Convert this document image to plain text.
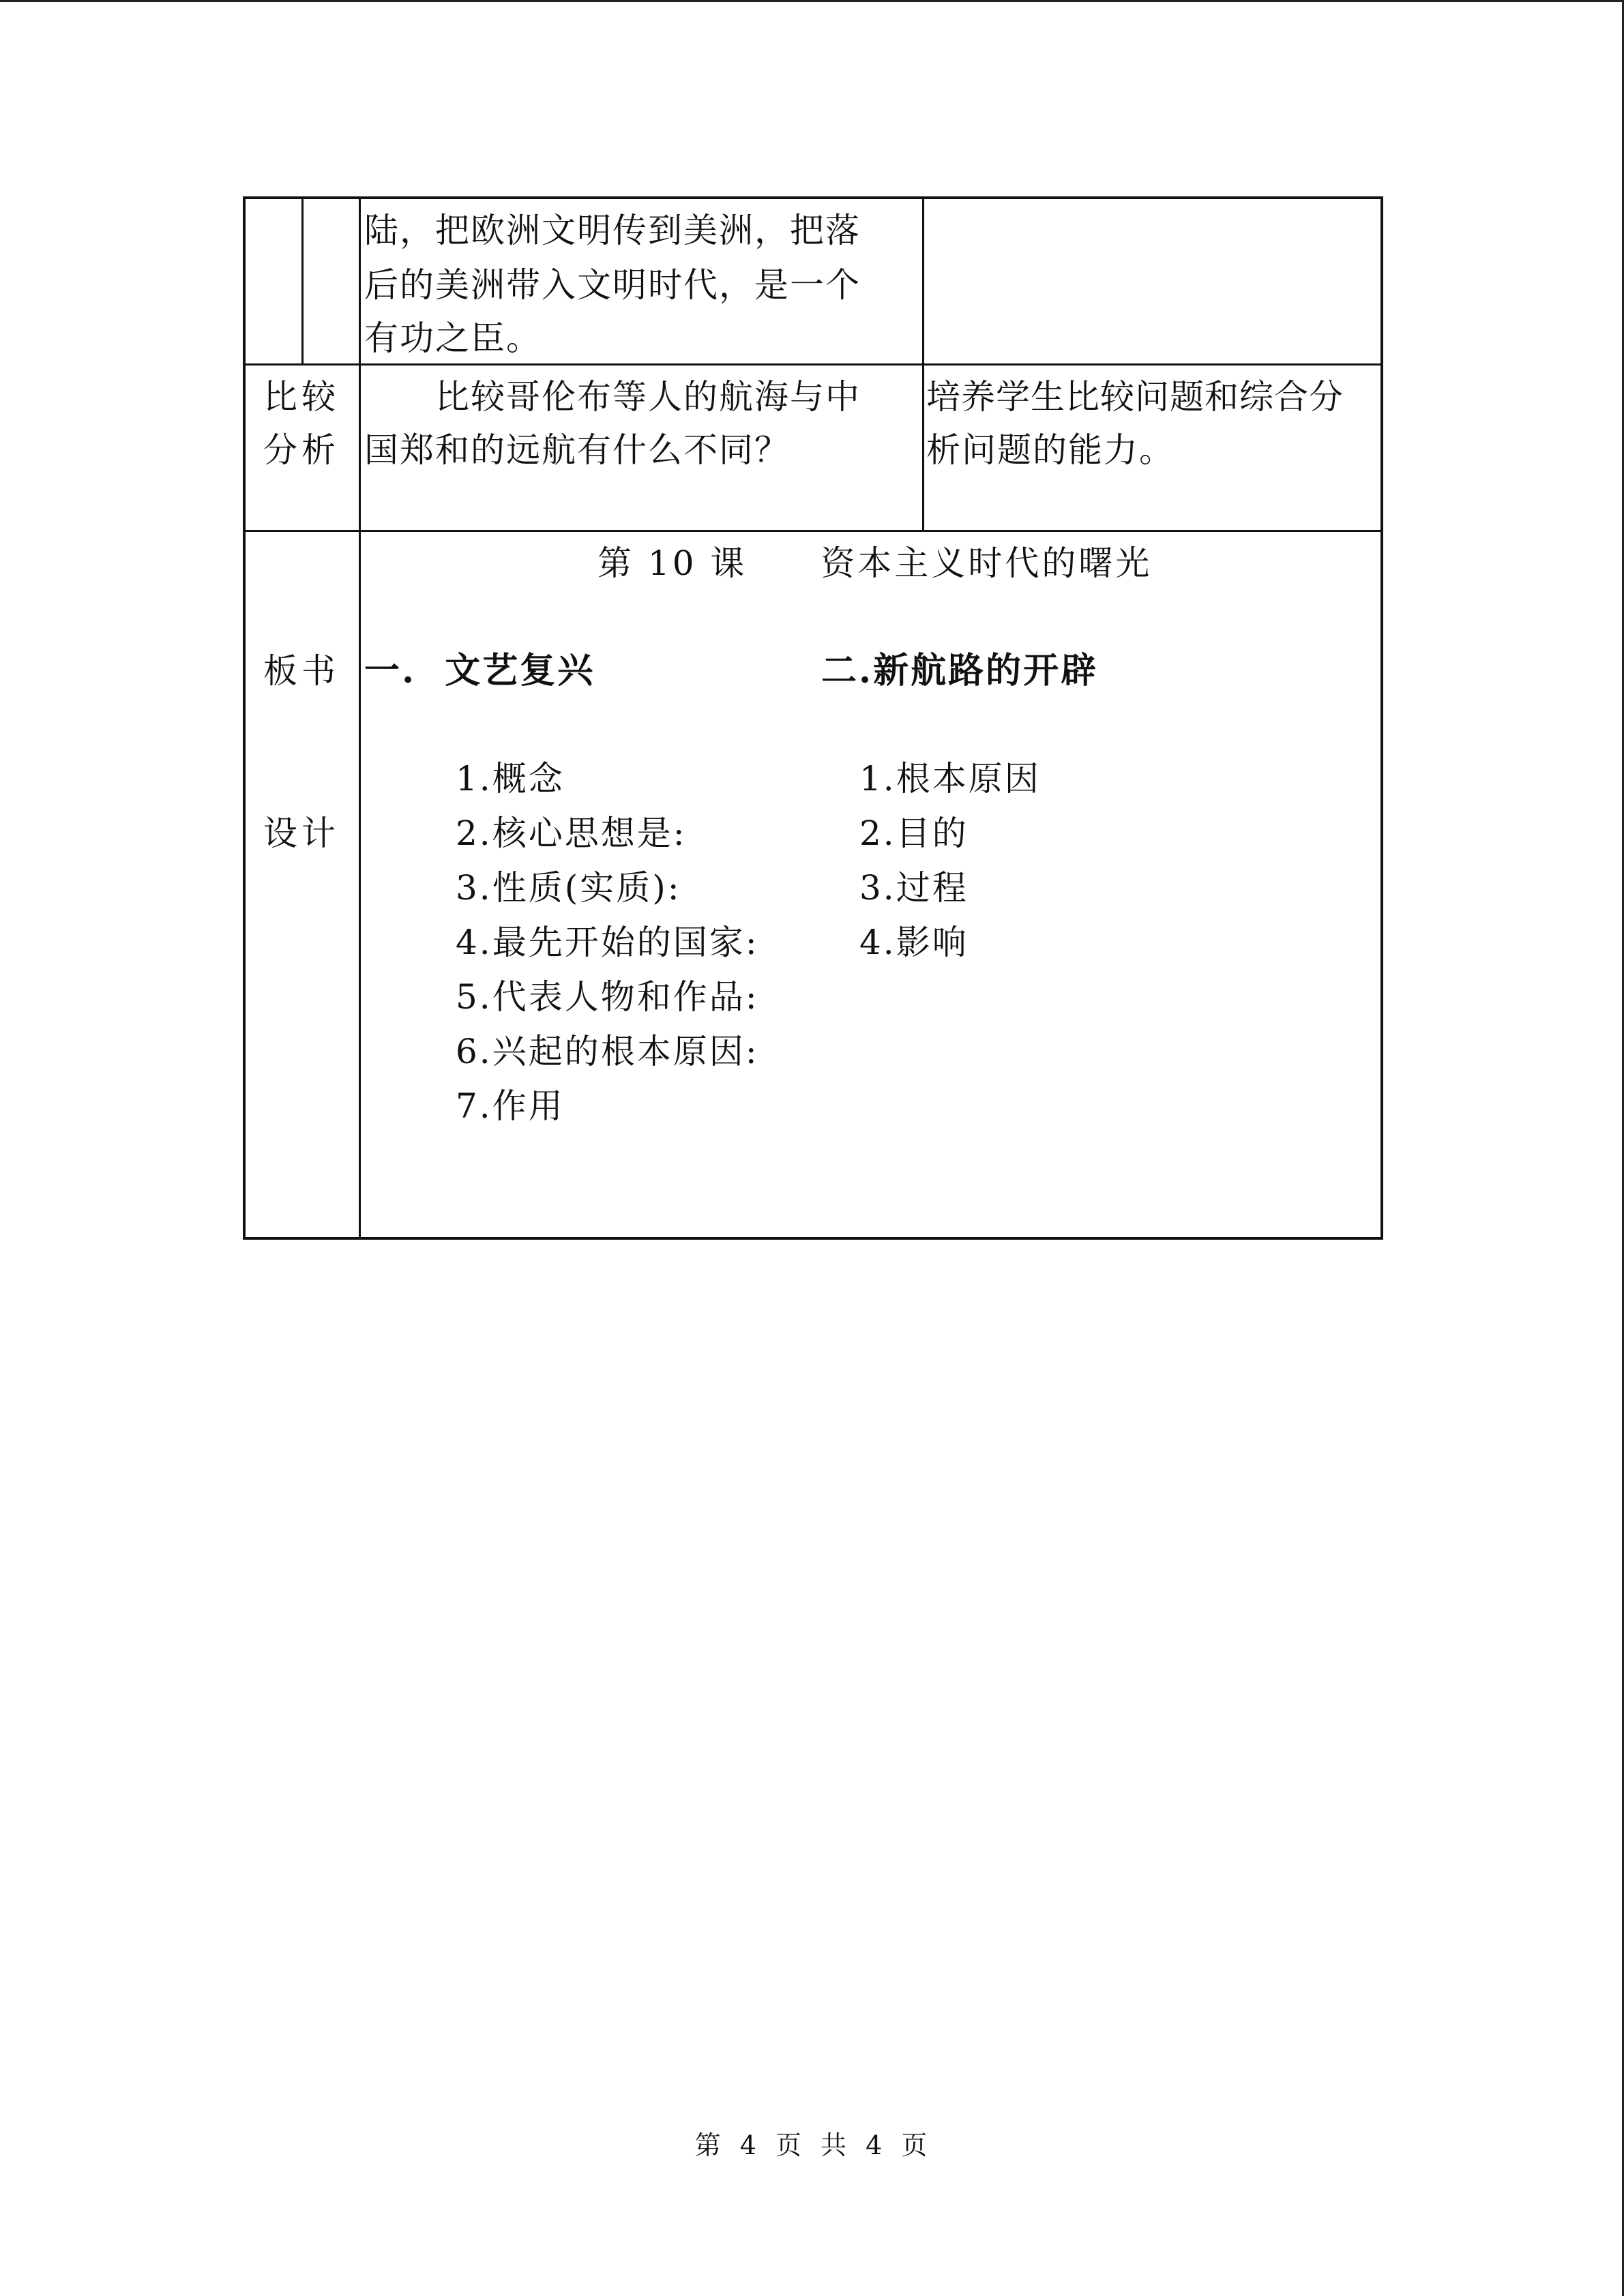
陆，把欧洲文明传到美洲，把落
后的美洲带入文明时代，是一个
有功之臣。
比较
分析
　　比较哥伦布等人的航海与中
国郑和的远航有什么不同？
培养学生比较问题和综合分
析问题的能力。
板书
设计
第 10 课　　资本主义时代的曙光
一.  文艺复兴	二.新航路的开辟
1.概念
2.核心思想是:
3.性质(实质):
4.最先开始的国家:
5.代表人物和作品:
6.兴起的根本原因:
7.作用
1.根本原因
2.目的
3.过程
4.影响
第 4 页 共 4 页
